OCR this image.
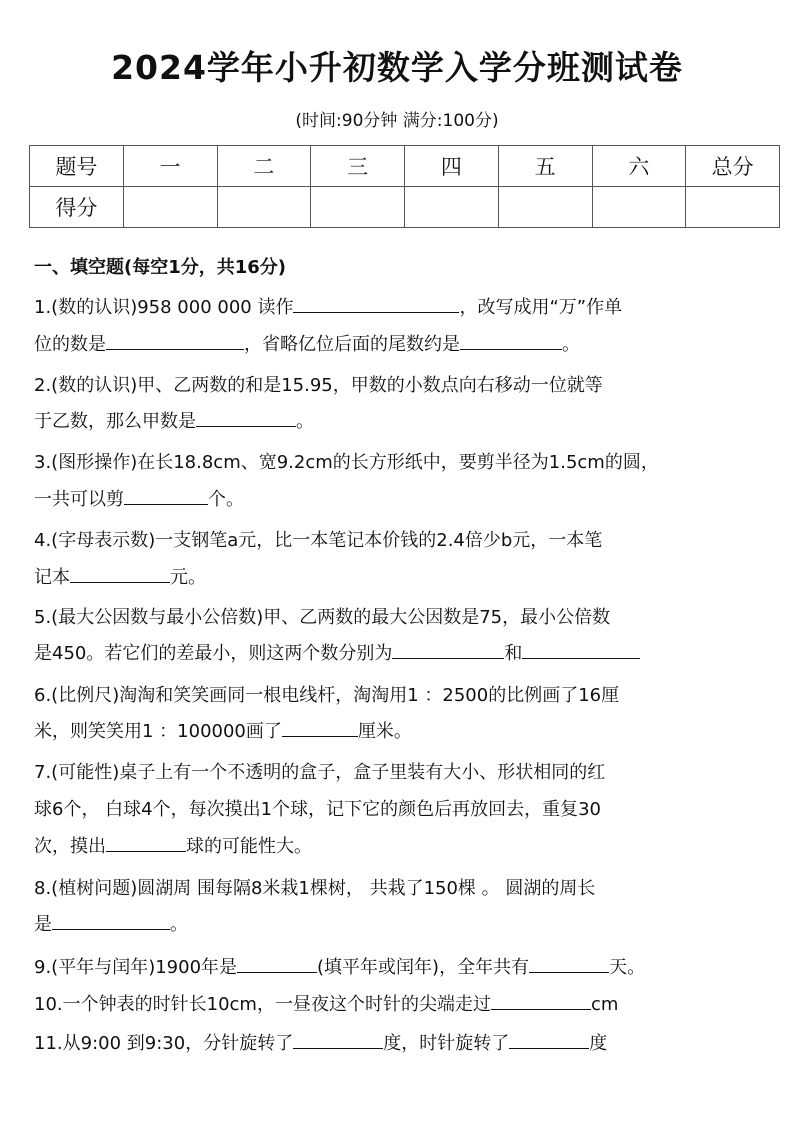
2024学年小升初数学入学分班测试卷
(时间:90分钟 满分:100分)
题号	一	二	三	四	五	六	总分
得分							
一、填空题(每空1分，共16分)
1.(数的认识)958 000 000 读作	，改写成用“万”作单
位的数是	，省略亿位后面的尾数约是	。
2.(数的认识)甲、乙两数的和是15.95，甲数的小数点向右移动一位就等
于乙数，那么甲数是	。
3.(图形操作)在长18.8cm、宽9.2cm的长方形纸中，要剪半径为1.5cm的圆，
一共可以剪	个。
4.(字母表示数)一支钢笔a元，比一本笔记本价钱的2.4倍少b元，一本笔
记本	元。
5.(最大公因数与最小公倍数)甲、乙两数的最大公因数是75，最小公倍数
是450。若它们的差最小，则这两个数分别为	和
6.(比例尺)淘淘和笑笑画同一根电线杆，淘淘用1 ：2500的比例画了16厘
米，则笑笑用1 ：100000画了	厘米。
7.(可能性)桌子上有一个不透明的盒子，盒子里装有大小、形状相同的红
球6个， 白球4个，每次摸出1个球，记下它的颜色后再放回去，重复30
次，摸出	球的可能性大。
8.(植树问题)圆湖周 围每隔8米栽1棵树， 共栽了150棵 。 圆湖的周长
是	。
9.(平年与闰年)1900年是	(填平年或闰年)，全年共有	天。
10.一个钟表的时针长10cm，一昼夜这个时针的尖端走过	cm
11.从9:00 到9:30，分针旋转了	度，时针旋转了	度
